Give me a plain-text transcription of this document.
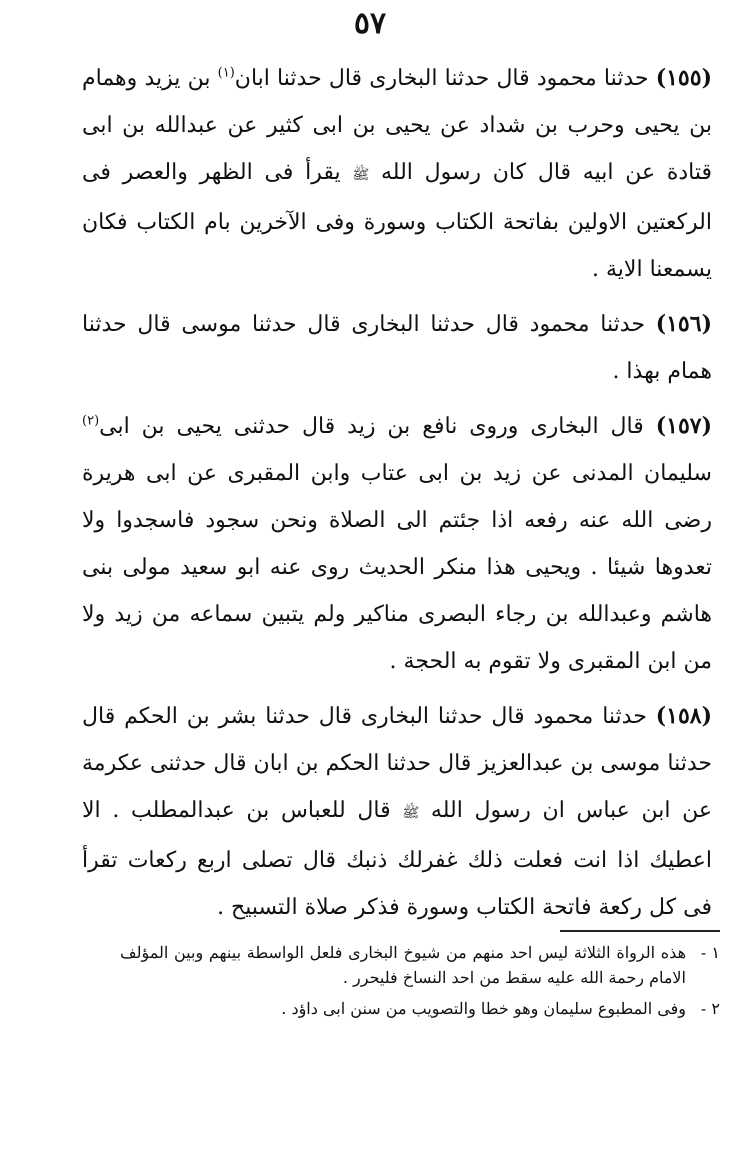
٥٧

(١٥٥) حدثنا محمود قال حدثنا البخارى قال حدثنا ابان$^{(١)}$ بن يزيد وهمام بن يحيى وحرب بن شداد عن يحيى بن ابى كثير عن عبدالله بن ابى قتادة عن ابيه قال كان رسول الله ﷺ يقرأ فى الظهر والعصر فى الركعتين الاولين بفاتحة الكتاب وسورة وفى الآخرين بام الكتاب فكان يسمعنا الاية .

(١٥٦) حدثنا محمود قال حدثنا البخارى قال حدثنا موسى قال حدثنا همام بهذا .

(١٥٧) قال البخارى وروى نافع بن زيد قال حدثنى يحيى بن ابى$^{(٢)}$ سليمان المدنى عن زيد بن ابى عتاب وابن المقبرى عن ابى هريرة رضى الله عنه رفعه اذا جئتم الى الصلاة ونحن سجود فاسجدوا ولا تعدوها شيئا . ويحيى هذا منكر الحديث روى عنه ابو سعيد مولى بنى هاشم وعبدالله بن رجاء البصرى مناكير ولم يتبين سماعه من زيد ولا من ابن المقبرى ولا تقوم به الحجة .

(١٥٨) حدثنا محمود قال حدثنا البخارى قال حدثنا بشر بن الحكم قال حدثنا موسى بن عبدالعزيز قال حدثنا الحكم بن ابان قال حدثنى عكرمة عن ابن عباس ان رسول الله ﷺ قال للعباس بن عبدالمطلب . الا اعطيك اذا انت فعلت ذلك غفرلك ذنبك قال تصلى اربع ركعات تقرأ فى كل ركعة فاتحة الكتاب وسورة فذكر صلاة التسبيح .

١ -
هذه الرواة الثلاثة ليس احد منهم من شيوخ البخارى فلعل الواسطة بينهم وبين المؤلف الامام رحمة الله عليه سقط من احد النساخ فليحرر .
٢ -
وفى المطبوع سليمان وهو خطا والتصويب من سنن ابى داؤد .
